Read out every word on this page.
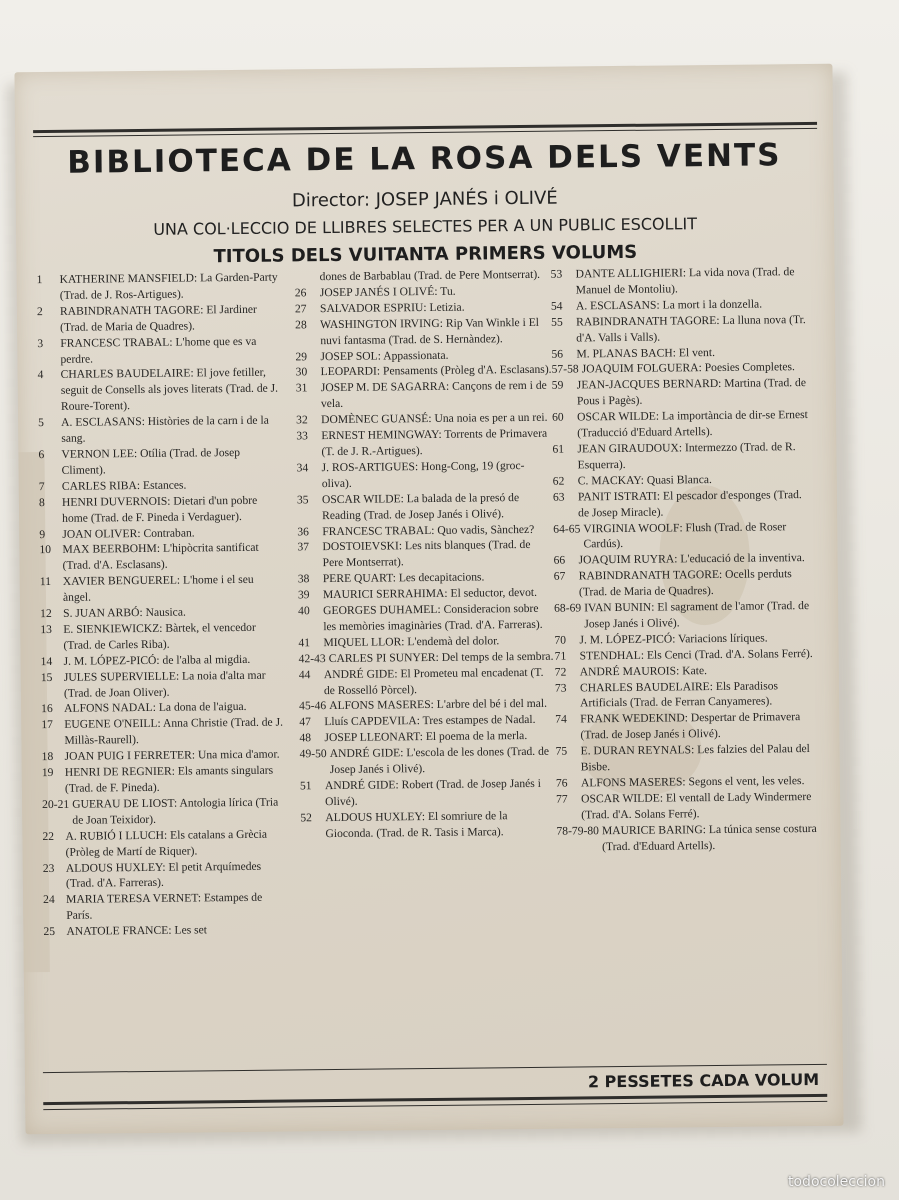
BIBLIOTECA DE LA ROSA DELS VENTS
Director: JOSEP JANÉS i OLIVÉ
UNA COL·LECCIO DE LLIBRES SELECTES PER A UN PUBLIC ESCOLLIT
TITOLS DELS VUITANTA PRIMERS VOLUMS
1	KATHERINE MANSFIELD: La Garden-Party (Trad. de J. Ros-Artigues).
2	RABINDRANATH TAGORE: El Jardiner (Trad. de Maria de Quadres).
3	FRANCESC TRABAL: L'home que es va perdre.
4	CHARLES BAUDELAIRE: El jove fetiller, seguit de Consells als joves literats (Trad. de J. Roure-Torent).
5	A. ESCLASANS: Històries de la carn i de la sang.
6	VERNON LEE: Otília (Trad. de Josep Climent).
7	CARLES RIBA: Estances.
8	HENRI DUVERNOIS: Dietari d'un pobre home (Trad. de F. Pineda i Verdaguer).
9	JOAN OLIVER: Contraban.
10 MAX BEERBOHM: L'hipòcrita santificat (Trad. d'A. Esclasans).
11	XAVIER BENGUEREL: L'home i el seu àngel.
12 S. JUAN ARBÓ: Nausica.
13 E. SIENKIEWICKZ: Bàrtek, el vencedor (Trad. de Carles Riba).
14 J. M. LÓPEZ-PICÓ: de l'alba al migdia.
15 JULES SUPERVIELLE: La noia d'alta mar (Trad. de Joan Oliver).
16 ALFONS NADAL: La dona de l'aigua.
17 EUGENE O'NEILL: Anna Christie (Trad. de J. Millàs-Raurell).
18 JOAN PUIG I FERRETER: Una mica d'amor.
19 HENRI DE REGNIER: Els amants singulars (Trad. de F. Pineda).
20-21 GUERAU DE LIOST: Antologia lírica (Tria de Joan Teixidor).
22 A. RUBIÓ I LLUCH: Els catalans a Grècia (Pròleg de Martí de Riquer).
23 ALDOUS HUXLEY: El petit Arquímedes (Trad. d'A. Farreras).
24 MARIA TERESA VERNET: Estampes de París.
25 ANATOLE FRANCE: Les set
dones de Barbablau (Trad. de Pere Montserrat).
26	JOSEP JANÉS I OLIVÉ: Tu.
27	SALVADOR ESPRIU: Letizia.
28	WASHINGTON IRVING: Rip Van Winkle i El nuvi fantasma (Trad. de S. Hernàndez).
29	JOSEP SOL: Appassionata.
30	LEOPARDI: Pensaments (Pròleg d'A. Esclasans).
31	JOSEP M. DE SAGARRA: Cançons de rem i de vela.
32	DOMÈNEC GUANSÉ: Una noia es per a un rei.
33	ERNEST HEMINGWAY: Torrents de Primavera (T. de J. R.-Artigues).
34	J. ROS-ARTIGUES: Hong-Cong, 19 (groc-oliva).
35	OSCAR WILDE: La balada de la presó de Reading (Trad. de Josep Janés i Olivé).
36	FRANCESC TRABAL: Quo vadis, Sànchez?
37	DOSTOIEVSKI: Les nits blanques (Trad. de Pere Montserrat).
38	PERE QUART: Les decapitacions.
39	MAURICI SERRAHIMA: El seductor, devot.
40	GEORGES DUHAMEL: Consideracion sobre les memòries imaginàries (Trad. d'A. Farreras).
41	MIQUEL LLOR: L'endemà del dolor.
42-43 CARLES PI SUNYER: Del temps de la sembra.
44	ANDRÉ GIDE: El Prometeu mal encadenat (T. de Rosselló Pòrcel).
45-46 ALFONS MASERES: L'arbre del bé i del mal.
47	Lluís CAPDEVILA: Tres estampes de Nadal.
48	JOSEP LLEONART: El poema de la merla.
49-50 ANDRÉ GIDE: L'escola de les dones (Trad. de Josep Janés i Olivé).
51	ANDRÉ GIDE: Robert (Trad. de Josep Janés i Olivé).
52	ALDOUS HUXLEY: El somriure de la Gioconda. (Trad. de R. Tasis i Marca).
53	DANTE ALLIGHIERI: La vida nova (Trad. de Manuel de Montoliu).
54	A. ESCLASANS: La mort i la donzella.
55	RABINDRANATH TAGORE: La lluna nova (Tr. d'A. Valls i Valls).
56	M. PLANAS BACH: El vent.
57-58 JOAQUIM FOLGUERA: Poesies Completes.
59	JEAN-JACQUES BERNARD: Martina (Trad. de Pous i Pagès).
60	OSCAR WILDE: La importància de dir-se Ernest (Traducció d'Eduard Artells).
61	JEAN GIRAUDOUX: Intermezzo (Trad. de R. Esquerra).
62	C. MACKAY: Quasi Blanca.
63	PANIT ISTRATI: El pescador d'esponges (Trad. de Josep Miracle).
64-65 VIRGINIA WOOLF: Flush (Trad. de Roser Cardús).
66	JOAQUIM RUYRA: L'educació de la inventiva.
67	RABINDRANATH TAGORE: Ocells perduts (Trad. de Maria de Quadres).
68-69 IVAN BUNIN: El sagrament de l'amor (Trad. de Josep Janés i Olivé).
70	J. M. LÓPEZ-PICÓ: Variacions líriques.
71	STENDHAL: Els Cenci (Trad. d'A. Solans Ferré).
72	ANDRÉ MAUROIS: Kate.
73	CHARLES BAUDELAIRE: Els Paradisos Artificials (Trad. de Ferran Canyameres).
74	FRANK WEDEKIND: Despertar de Primavera (Trad. de Josep Janés i Olivé).
75	E. DURAN REYNALS: Les falzies del Palau del Bisbe.
76	ALFONS MASERES: Segons el vent, les veles.
77	OSCAR WILDE: El ventall de Lady Windermere (Trad. d'A. Solans Ferré).
78-79-80 MAURICE BARING: La túnica sense costura (Trad. d'Eduard Artells).
2 PESSETES CADA VOLUM
todocoleccion
